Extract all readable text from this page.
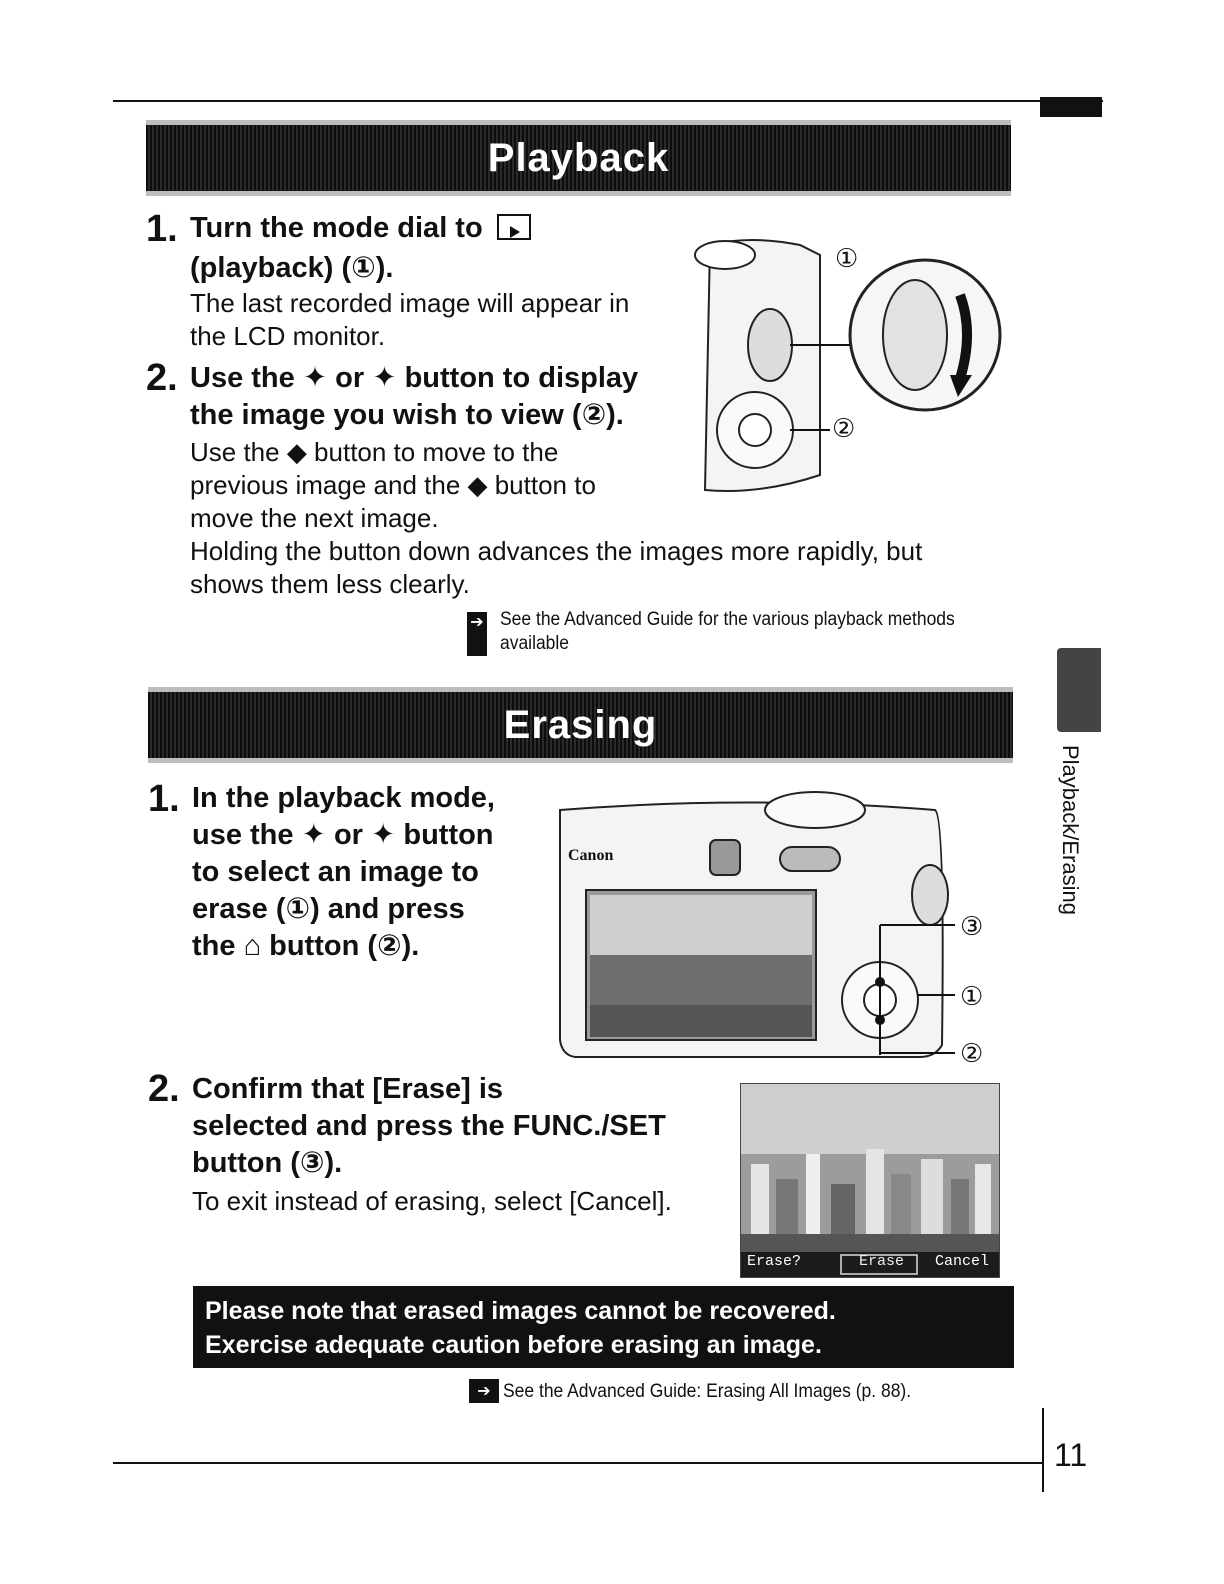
Playback
1. Turn the mode dial to
(playback) (①).
The last recorded image will appear in
the LCD monitor.
2. Use the ✦ or ✦ button to display
the image you wish to view (②).
Use the ◆ button to move to the
previous image and the ◆ button to
move the next image.
Holding the button down advances the images more rapidly, but
shows them less clearly.
①
②
➔ See the Advanced Guide for the various playback methods
available
Erasing
1. In the playback mode,
use the ✦ or ✦ button
to select an image to
erase (①) and press
the ⌂ button (②).
Canon
③
①
②
2. Confirm that [Erase] is
selected and press the FUNC./SET
button (③).
To exit instead of erasing, select [Cancel].
Erase?	Erase Cancel
Please note that erased images cannot be recovered.
Exercise adequate caution before erasing an image.
➔ See the Advanced Guide: Erasing All Images (p. 88).
Playback/Erasing
11
